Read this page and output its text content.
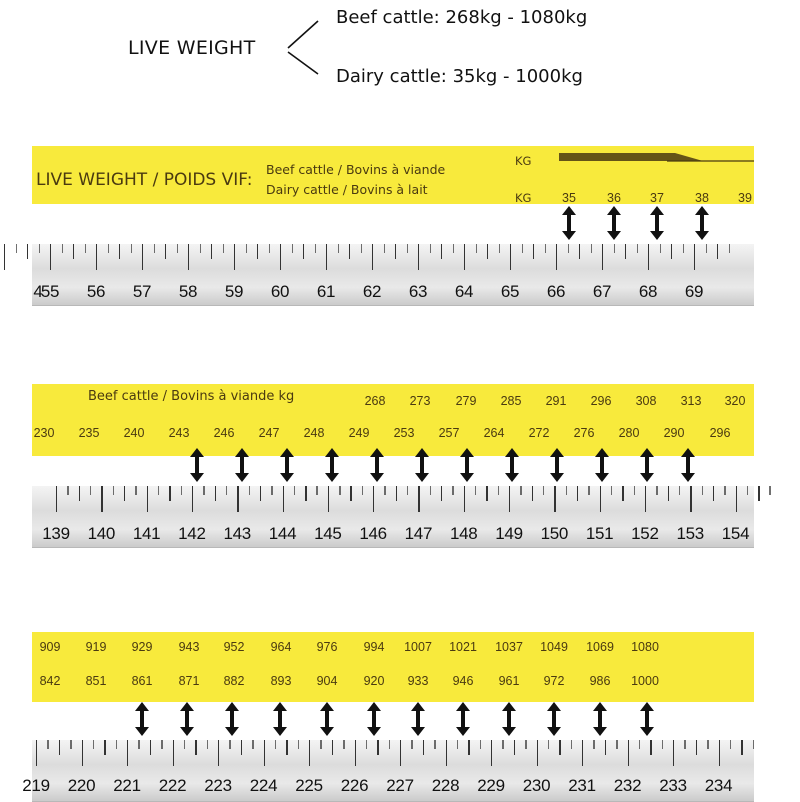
LIVE WEIGHT
Beef cattle: 268kg - 1080kg
Dairy cattle: 35kg - 1000kg
LIVE WEIGHT / POIDS VIF:
Beef cattle / Bovins à viande
Dairy cattle / Bovins à lait
KG
KG 35 36 37 38 39
4
55 56 57 58 59 60 61 62 63 64 65 66 67 68 69
Beef cattle / Bovins à viande kg	268 273 279 285 291 296 308 313 320
230 235 240 243 246 247 248 249 253 257 264 272 276 280 290 296
139 140 141 142 143 144 145 146 147 148 149 150 151 152 153 154
909 919 929 943 952 964 976 994 1007 1021 1037 1049 1069 1080
842 851 861 871 882 893 904 920 933 946 961 972 986 1000
219 220 221 222 223 224 225 226 227 228 229 230 231 232 233 234
